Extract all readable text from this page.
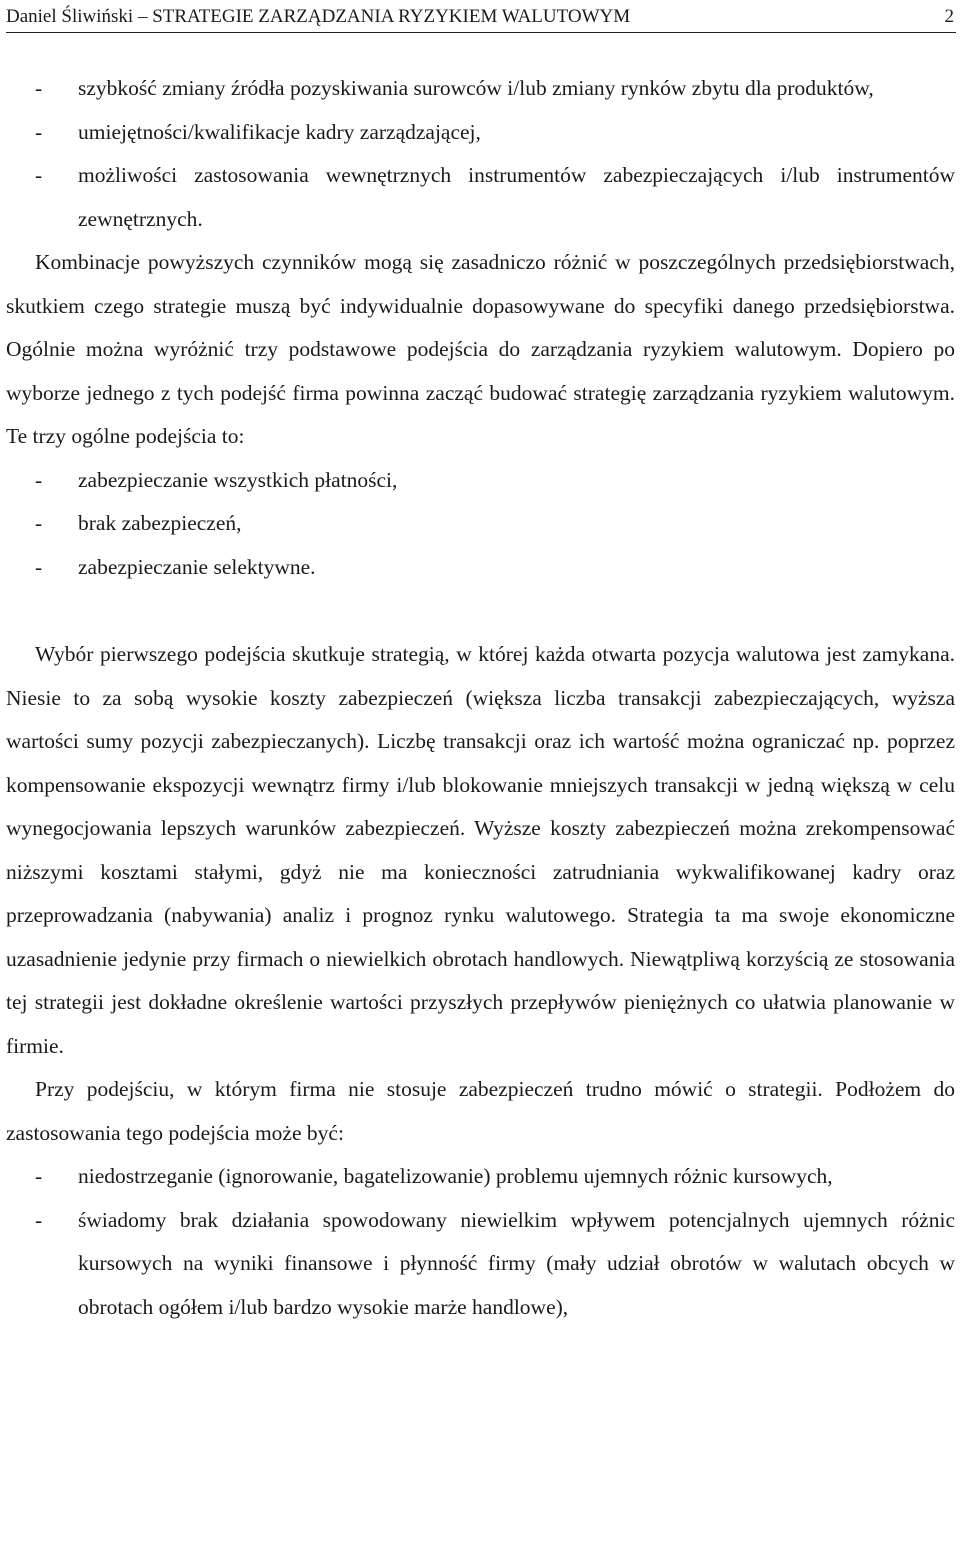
Daniel Śliwiński – STRATEGIE ZARZĄDZANIA RYZYKIEM WALUTOWYM	2
- szybkość zmiany źródła pozyskiwania surowców i/lub zmiany rynków zbytu dla produktów,
- umiejętności/kwalifikacje kadry zarządzającej,
- możliwości zastosowania wewnętrznych instrumentów zabezpieczających i/lub instrumentów zewnętrznych.

Kombinacje powyższych czynników mogą się zasadniczo różnić w poszczególnych przedsiębiorstwach, skutkiem czego strategie muszą być indywidualnie dopasowywane do specyfiki danego przedsiębiorstwa. Ogólnie można wyróżnić trzy podstawowe podejścia do zarządzania ryzykiem walutowym. Dopiero po wyborze jednego z tych podejść firma powinna zacząć budować strategię zarządzania ryzykiem walutowym. Te trzy ogólne podejścia to:

- zabezpieczanie wszystkich płatności,
- brak zabezpieczeń,
- zabezpieczanie selektywne.

Wybór pierwszego podejścia skutkuje strategią, w której każda otwarta pozycja walutowa jest zamykana. Niesie to za sobą wysokie koszty zabezpieczeń (większa liczba transakcji zabezpieczających, wyższa wartości sumy pozycji zabezpieczanych). Liczbę transakcji oraz ich wartość można ograniczać np. poprzez kompensowanie ekspozycji wewnątrz firmy i/lub blokowanie mniejszych transakcji w jedną większą w celu wynegocjowania lepszych warunków zabezpieczeń. Wyższe koszty zabezpieczeń można zrekompensować niższymi kosztami stałymi, gdyż nie ma konieczności zatrudniania wykwalifikowanej kadry oraz przeprowadzania (nabywania) analiz i prognoz rynku walutowego. Strategia ta ma swoje ekonomiczne uzasadnienie jedynie przy firmach o niewielkich obrotach handlowych. Niewątpliwą korzyścią ze stosowania tej strategii jest dokładne określenie wartości przyszłych przepływów pieniężnych co ułatwia planowanie w firmie.

Przy podejściu, w którym firma nie stosuje zabezpieczeń trudno mówić o strategii. Podłożem do zastosowania tego podejścia może być:

- niedostrzeganie (ignorowanie, bagatelizowanie) problemu ujemnych różnic kursowych,
- świadomy brak działania spowodowany niewielkim wpływem potencjalnych ujemnych różnic kursowych na wyniki finansowe i płynność firmy (mały udział obrotów w walutach obcych w obrotach ogółem i/lub bardzo wysokie marże handlowe),
